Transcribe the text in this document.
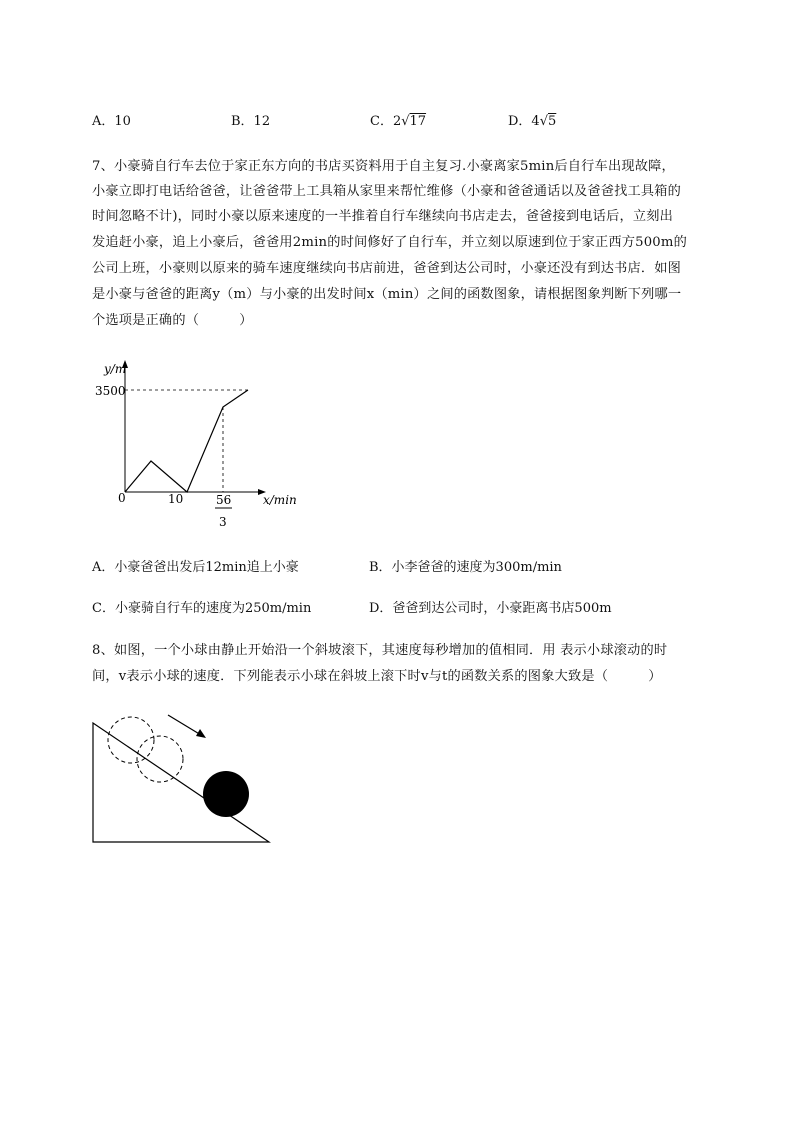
A．10	B．12	C．2√17	D．4√5
7、小豪骑自行车去位于家正东方向的书店买资料用于自主复习.小豪离家5min后自行车出现故障，
小豪立即打电话给爸爸，让爸爸带上工具箱从家里来帮忙维修（小豪和爸爸通话以及爸爸找工具箱的
时间忽略不计)，同时小豪以原来速度的一半推着自行车继续向书店走去，爸爸接到电话后，立刻出
发追赶小豪，追上小豪后，爸爸用2min的时间修好了自行车，并立刻以原速到位于家正西方500m的
公司上班，小豪则以原来的骑车速度继续向书店前进，爸爸到达公司时，小豪还没有到达书店．如图
是小豪与爸爸的距离y（m）与小豪的出发时间x（min）之间的函数图象，请根据图象判断下列哪一
个选项是正确的（　　　）
y/m
3500
0	10	56
3
x/min
A．小豪爸爸出发后12min追上小豪	B．小李爸爸的速度为300m/min
C．小豪骑自行车的速度为250m/min	D．爸爸到达公司时，小豪距离书店500m
8、如图，一个小球由静止开始沿一个斜坡滚下，其速度每秒增加的值相同．用 表示小球滚动的时
间，v表示小球的速度．下列能表示小球在斜坡上滚下时v与t的函数关系的图象大致是（　　　）
